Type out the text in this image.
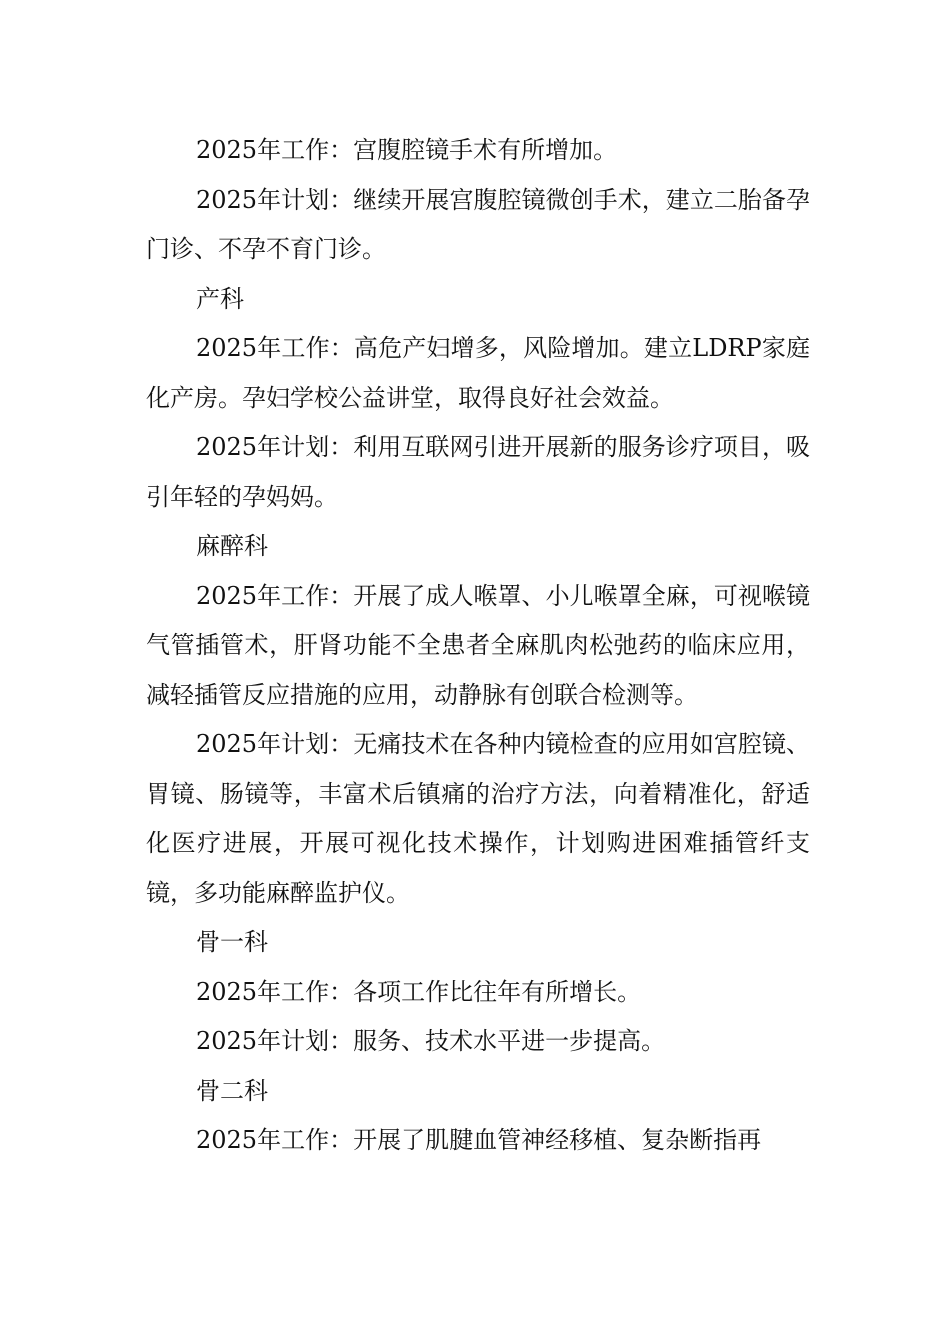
2025年工作：宫腹腔镜手术有所增加。

2025年计划：继续开展宫腹腔镜微创手术，建立二胎备孕门诊、不孕不育门诊。

产科

2025年工作：高危产妇增多，风险增加。建立LDRP家庭化产房。孕妇学校公益讲堂，取得良好社会效益。

2025年计划：利用互联网引进开展新的服务诊疗项目，吸引年轻的孕妈妈。

麻醉科

2025年工作：开展了成人喉罩、小儿喉罩全麻，可视喉镜气管插管术，肝肾功能不全患者全麻肌肉松弛药的临床应用，减轻插管反应措施的应用，动静脉有创联合检测等。

2025年计划：无痛技术在各种内镜检查的应用如宫腔镜、胃镜、肠镜等，丰富术后镇痛的治疗方法，向着精准化，舒适化医疗进展，开展可视化技术操作，计划购进困难插管纤支镜，多功能麻醉监护仪。

骨一科

2025年工作：各项工作比往年有所增长。

2025年计划：服务、技术水平进一步提高。

骨二科

2025年工作：开展了肌腱血管神经移植、复杂断指再
